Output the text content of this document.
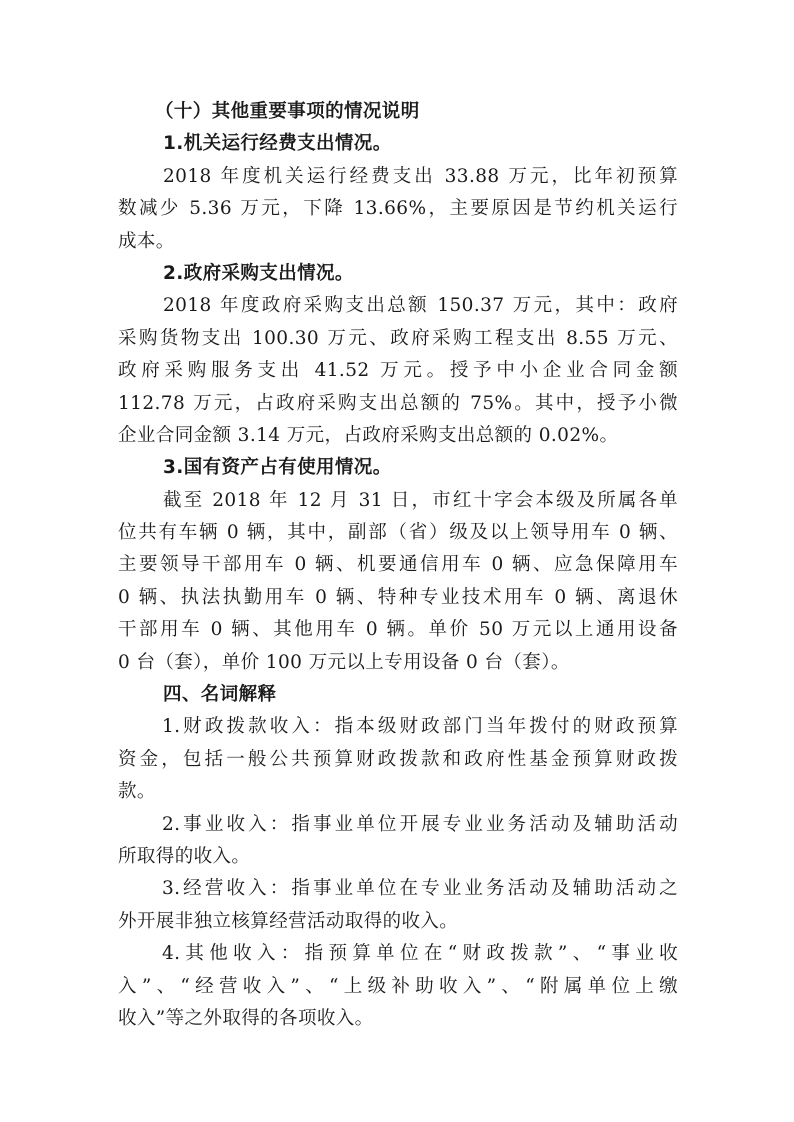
（十）其他重要事项的情况说明
1.机关运行经费支出情况。
2018 年度机关运行经费支出 33.88 万元，比年初预算
数减少 5.36 万元，下降 13.66%，主要原因是节约机关运行
成本。
2.政府采购支出情况。
2018 年度政府采购支出总额 150.37 万元，其中：政府
采购货物支出 100.30 万元、政府采购工程支出 8.55 万元、
政府采购服务支出 41.52 万元。授予中小企业合同金额
112.78 万元，占政府采购支出总额的 75%。其中，授予小微
企业合同金额 3.14 万元，占政府采购支出总额的 0.02%。
3.国有资产占有使用情况。
截至 2018 年 12 月 31 日，市红十字会本级及所属各单
位共有车辆 0 辆，其中，副部（省）级及以上领导用车 0 辆、
主要领导干部用车 0 辆、机要通信用车 0 辆、应急保障用车
0 辆、执法执勤用车 0 辆、特种专业技术用车 0 辆、离退休
干部用车 0 辆、其他用车 0 辆。单价 50 万元以上通用设备
0 台（套），单价 100 万元以上专用设备 0 台（套）。
四、名词解释
1.财政拨款收入：指本级财政部门当年拨付的财政预算
资金，包括一般公共预算财政拨款和政府性基金预算财政拨
款。
2.事业收入：指事业单位开展专业业务活动及辅助活动
所取得的收入。
3.经营收入：指事业单位在专业业务活动及辅助活动之
外开展非独立核算经营活动取得的收入。
4.其他收入：指预算单位在“财政拨款”、“事业收
入”、“经营收入”、“上级补助收入”、“附属单位上缴
收入”等之外取得的各项收入。
